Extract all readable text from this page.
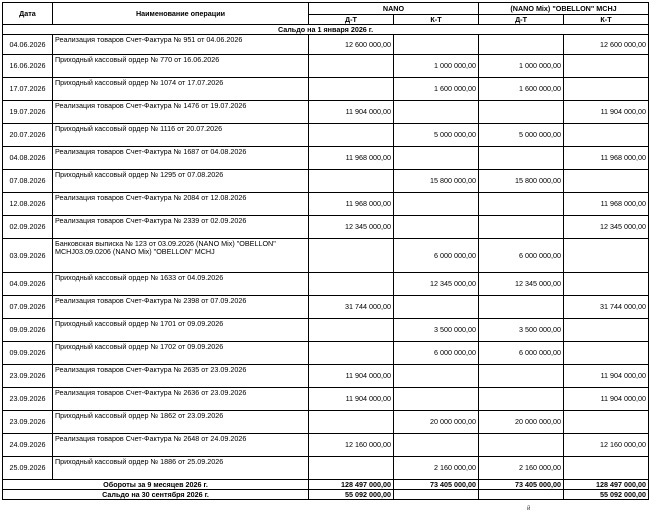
Дата	Наименование операции	NANO		(NANO Mix) "OBELLON" MCHJ	
		Д-Т	К-Т	Д-Т	К-Т
Сальдо на 1 января 2026 г.					
04.06.2026	Реализация товаров Счет-Фактура № 951 от 04.06.2026	12 600 000,00			12 600 000,00
16.06.2026	Приходный кассовый ордер № 770 от 16.06.2026		1 000 000,00	1 000 000,00	
17.07.2026	Приходный кассовый ордер № 1074 от 17.07.2026		1 600 000,00	1 600 000,00	
19.07.2026	Реализация товаров Счет-Фактура № 1476 от 19.07.2026	11 904 000,00			11 904 000,00
20.07.2026	Приходный кассовый ордер № 1116 от 20.07.2026		5 000 000,00	5 000 000,00	
04.08.2026	Реализация товаров Счет-Фактура № 1687 от 04.08.2026	11 968 000,00			11 968 000,00
07.08.2026	Приходный кассовый ордер № 1295 от 07.08.2026		15 800 000,00	15 800 000,00	
12.08.2026	Реализация товаров Счет-Фактура № 2084 от 12.08.2026	11 968 000,00			11 968 000,00
02.09.2026	Реализация товаров Счет-Фактура № 2339 от 02.09.2026	12 345 000,00			12 345 000,00
03.09.2026	Банковская выписка № 123 от 03.09.2026 (NANO Mix) "OBELLON" MCHJ03.09.0206 (NANO Mix) "OBELLON" MCHJ		6 000 000,00	6 000 000,00	
04.09.2026	Приходный кассовый ордер № 1633 от 04.09.2026		12 345 000,00	12 345 000,00	
07.09.2026	Реализация товаров Счет-Фактура № 2398 от 07.09.2026	31 744 000,00			31 744 000,00
09.09.2026	Приходный кассовый ордер № 1701 от 09.09.2026		3 500 000,00	3 500 000,00	
09.09.2026	Приходный кассовый ордер № 1702 от 09.09.2026		6 000 000,00	6 000 000,00	
23.09.2026	Реализация товаров Счет-Фактура № 2635 от 23.09.2026	11 904 000,00			11 904 000,00
23.09.2026	Реализация товаров Счет-Фактура № 2636 от 23.09.2026	11 904 000,00			11 904 000,00
23.09.2026	Приходный кассовый ордер № 1862 от 23.09.2026		20 000 000,00	20 000 000,00	
24.09.2026	Реализация товаров Счет-Фактура № 2648 от 24.09.2026	12 160 000,00			12 160 000,00
25.09.2026	Приходный кассовый ордер № 1886 от 25.09.2026		2 160 000,00	2 160 000,00	
Обороты за 9 месяцев 2026 г.		128 497 000,00	73 405 000,00	73 405 000,00	128 497 000,00
Сальдо на 30 сентября 2026 г.		55 092 000,00			55 092 000,00
й
